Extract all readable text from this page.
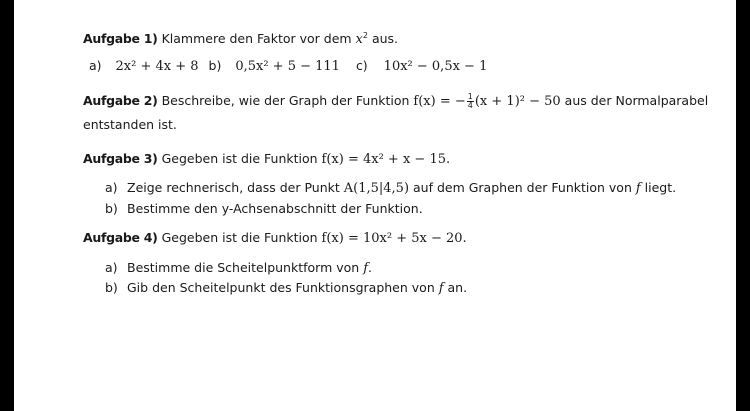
Aufgabe 1) Klammere den Faktor vor dem $x^2$ aus.
a) 2x² + 4x + 8 b) 0,5x² + 5 − 111 c) 10x² − 0,5x − 1
Aufgabe 2) Beschreibe, wie der Graph der Funktion f(x) = − $\frac{1}{4} (x + 1)^2 - 50$ aus der Normalparabel
entstanden ist.
Aufgabe 3) Gegeben ist die Funktion f(x) = 4x² + x − 15.
a) Zeige rechnerisch, dass der Punkt A(1,5|4,5) auf dem Graphen der Funktion von f liegt.
b) Bestimme den y-Achsenabschnitt der Funktion.
Aufgabe 4) Gegeben ist die Funktion f(x) = 10x² + 5x − 20.
a) Bestimme die Scheitelpunktform von f.
b) Gib den Scheitelpunkt des Funktionsgraphen von f an.
